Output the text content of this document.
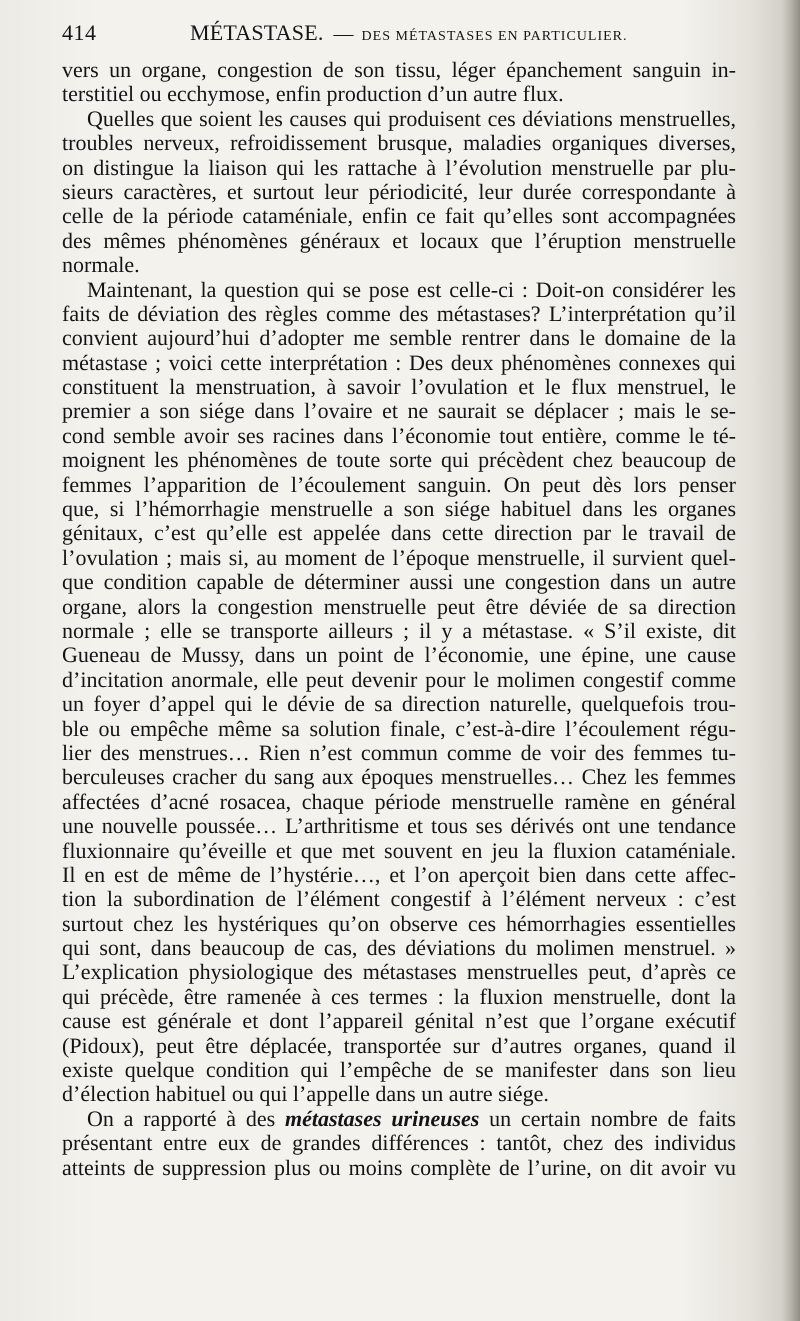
414	MÉTASTASE. — DES MÉTASTASES EN PARTICULIER.
vers un organe, congestion de son tissu, léger épanchement sanguin in-
terstitiel ou ecchymose, enfin production d’un autre flux.
Quelles que soient les causes qui produisent ces déviations menstruelles,
troubles nerveux, refroidissement brusque, maladies organiques diverses,
on distingue la liaison qui les rattache à l’évolution menstruelle par plu-
sieurs caractères, et surtout leur périodicité, leur durée correspondante à
celle de la période cataméniale, enfin ce fait qu’elles sont accompagnées
des mêmes phénomènes généraux et locaux que l’éruption menstruelle
normale.
Maintenant, la question qui se pose est celle-ci : Doit-on considérer les
faits de déviation des règles comme des métastases? L’interprétation qu’il
convient aujourd’hui d’adopter me semble rentrer dans le domaine de la
métastase ; voici cette interprétation : Des deux phénomènes connexes qui
constituent la menstruation, à savoir l’ovulation et le flux menstruel, le
premier a son siége dans l’ovaire et ne saurait se déplacer ; mais le se-
cond semble avoir ses racines dans l’économie tout entière, comme le té-
moignent les phénomènes de toute sorte qui précèdent chez beaucoup de
femmes l’apparition de l’écoulement sanguin. On peut dès lors penser
que, si l’hémorrhagie menstruelle a son siége habituel dans les organes
génitaux, c’est qu’elle est appelée dans cette direction par le travail de
l’ovulation ; mais si, au moment de l’époque menstruelle, il survient quel-
que condition capable de déterminer aussi une congestion dans un autre
organe, alors la congestion menstruelle peut être déviée de sa direction
normale ; elle se transporte ailleurs ; il y a métastase. « S’il existe, dit
Gueneau de Mussy, dans un point de l’économie, une épine, une cause
d’incitation anormale, elle peut devenir pour le molimen congestif comme
un foyer d’appel qui le dévie de sa direction naturelle, quelquefois trou-
ble ou empêche même sa solution finale, c’est-à-dire l’écoulement régu-
lier des menstrues… Rien n’est commun comme de voir des femmes tu-
berculeuses cracher du sang aux époques menstruelles… Chez les femmes
affectées d’acné rosacea, chaque période menstruelle ramène en général
une nouvelle poussée… L’arthritisme et tous ses dérivés ont une tendance
fluxionnaire qu’éveille et que met souvent en jeu la fluxion cataméniale.
Il en est de même de l’hystérie…, et l’on aperçoit bien dans cette affec-
tion la subordination de l’élément congestif à l’élément nerveux : c’est
surtout chez les hystériques qu’on observe ces hémorrhagies essentielles
qui sont, dans beaucoup de cas, des déviations du molimen menstruel. »
L’explication physiologique des métastases menstruelles peut, d’après ce
qui précède, être ramenée à ces termes : la fluxion menstruelle, dont la
cause est générale et dont l’appareil génital n’est que l’organe exécutif
(Pidoux), peut être déplacée, transportée sur d’autres organes, quand il
existe quelque condition qui l’empêche de se manifester dans son lieu
d’élection habituel ou qui l’appelle dans un autre siége.
On a rapporté à des métastases urineuses un certain nombre de faits
présentant entre eux de grandes différences : tantôt, chez des individus
atteints de suppression plus ou moins complète de l’urine, on dit avoir vu
